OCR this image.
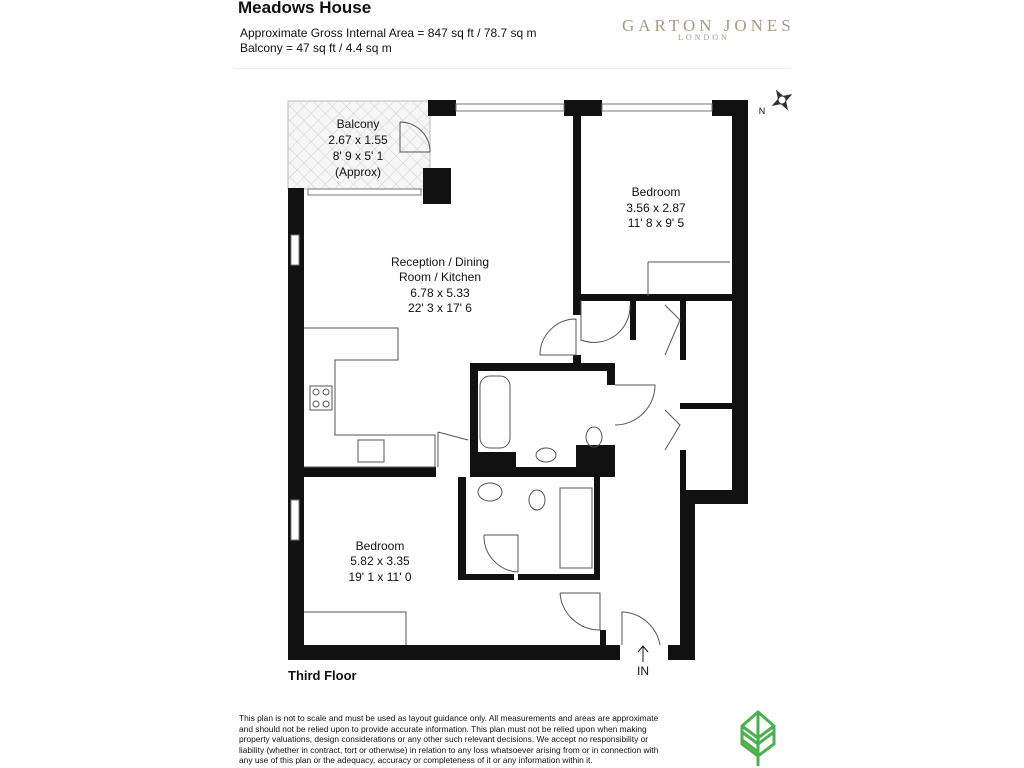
Meadows House
Approximate Gross Internal Area = 847 sq ft / 78.7 sq m
Balcony = 47 sq ft / 4.4 sq m
GARTON JONES
LONDON
Balcony
2.67 x 1.55
8' 9 x 5' 1
(Approx)
Reception / Dining
Room / Kitchen
6.78 x 5.33
22' 3 x 17' 6
Bedroom
3.56 x 2.87
11' 8 x 9' 5
Bedroom
5.82 x 3.35
19' 1 x 11' 0
N
IN
Third Floor
This plan is not to scale and must be used as layout guidance only. All measurements and areas are approximate and should not be relied upon to provide accurate information. This plan must not be relied upon when making property valuations, design considerations or any other such relevant decisions. We accept no responsibility or liability (whether in contract, tort or otherwise) in relation to any loss whatsoever arising from or in connection with any use of this plan or the adequacy, accuracy or completeness of it or any information within it.
